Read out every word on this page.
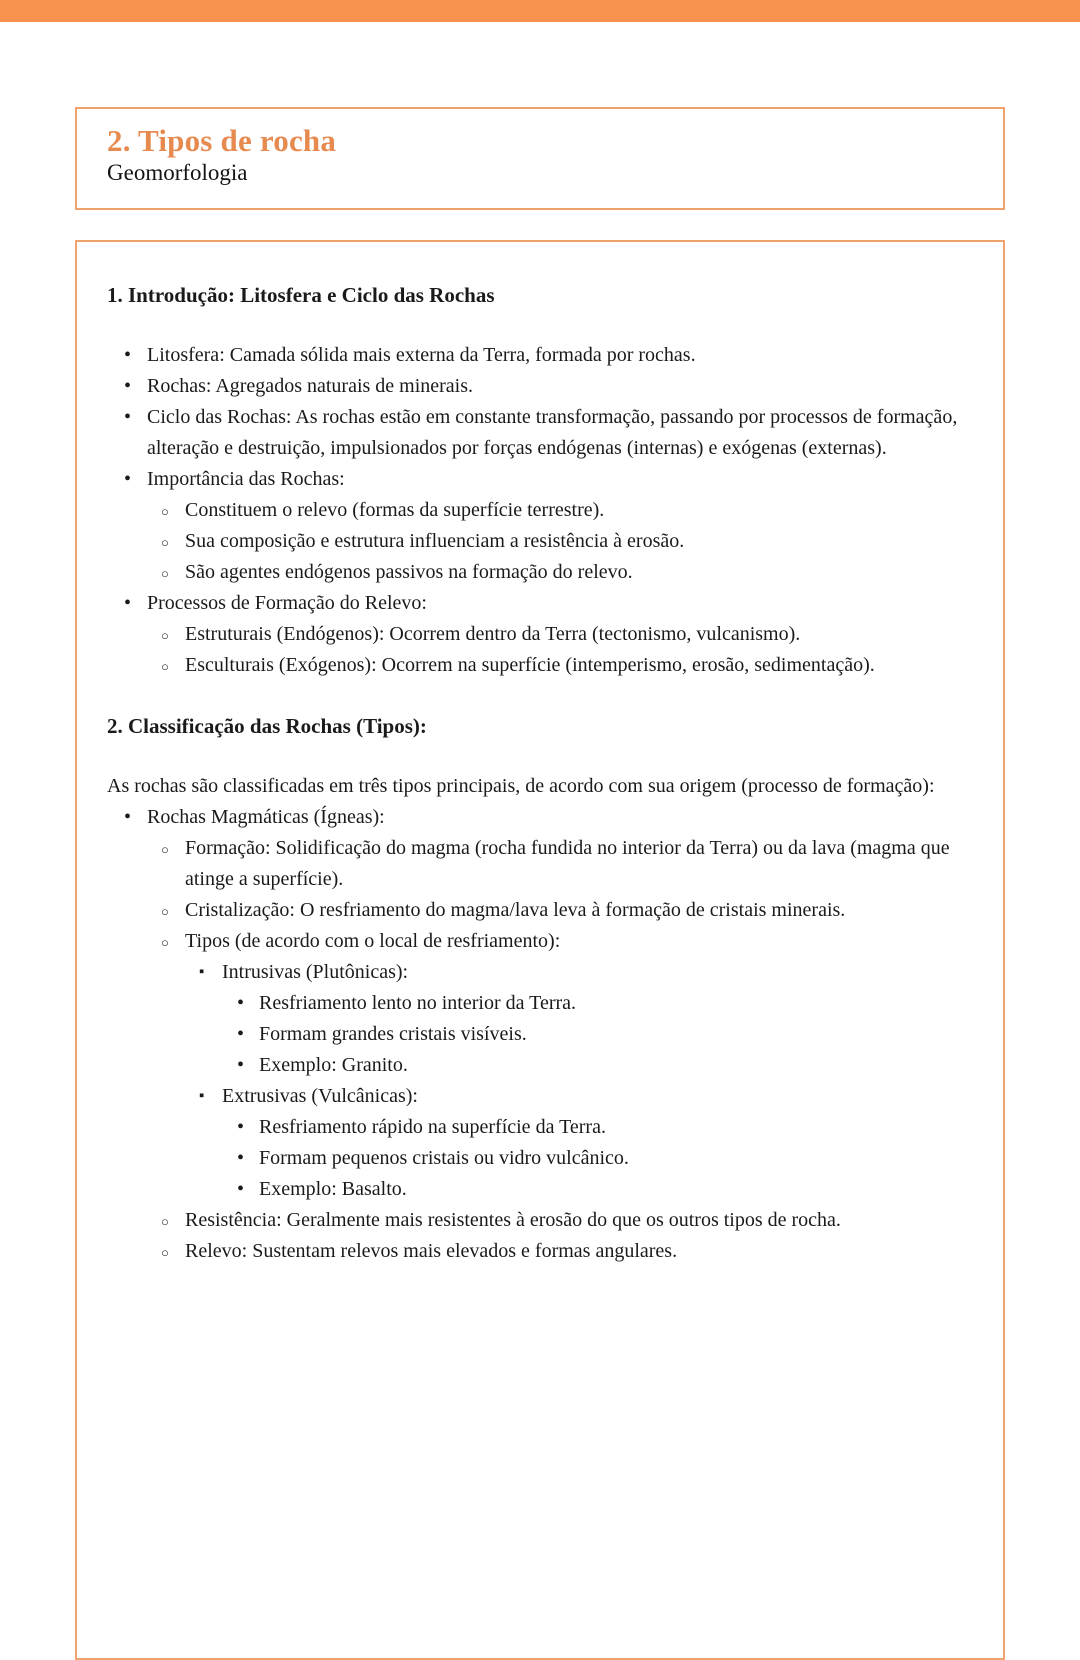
2. Tipos de rocha
Geomorfologia

1. Introdução: Litosfera e Ciclo das Rochas

• Litosfera: Camada sólida mais externa da Terra, formada por rochas.
• Rochas: Agregados naturais de minerais.
• Ciclo das Rochas: As rochas estão em constante transformação, passando por processos de formação, alteração e destruição, impulsionados por forças endógenas (internas) e exógenas (externas).
• Importância das Rochas:
○ Constituem o relevo (formas da superfície terrestre).
○ Sua composição e estrutura influenciam a resistência à erosão.
○ São agentes endógenos passivos na formação do relevo.
• Processos de Formação do Relevo:
○ Estruturais (Endógenos): Ocorrem dentro da Terra (tectonismo, vulcanismo).
○ Esculturais (Exógenos): Ocorrem na superfície (intemperismo, erosão, sedimentação).

2. Classificação das Rochas (Tipos):

As rochas são classificadas em três tipos principais, de acordo com sua origem (processo de formação):

• Rochas Magmáticas (Ígneas):
○ Formação: Solidificação do magma (rocha fundida no interior da Terra) ou da lava (magma que atinge a superfície).
○ Cristalização: O resfriamento do magma/lava leva à formação de cristais minerais.
○ Tipos (de acordo com o local de resfriamento):
▪ Intrusivas (Plutônicas):
• Resfriamento lento no interior da Terra.
• Formam grandes cristais visíveis.
• Exemplo: Granito.
▪ Extrusivas (Vulcânicas):
• Resfriamento rápido na superfície da Terra.
• Formam pequenos cristais ou vidro vulcânico.
• Exemplo: Basalto.
○ Resistência: Geralmente mais resistentes à erosão do que os outros tipos de rocha.
○ Relevo: Sustentam relevos mais elevados e formas angulares.
